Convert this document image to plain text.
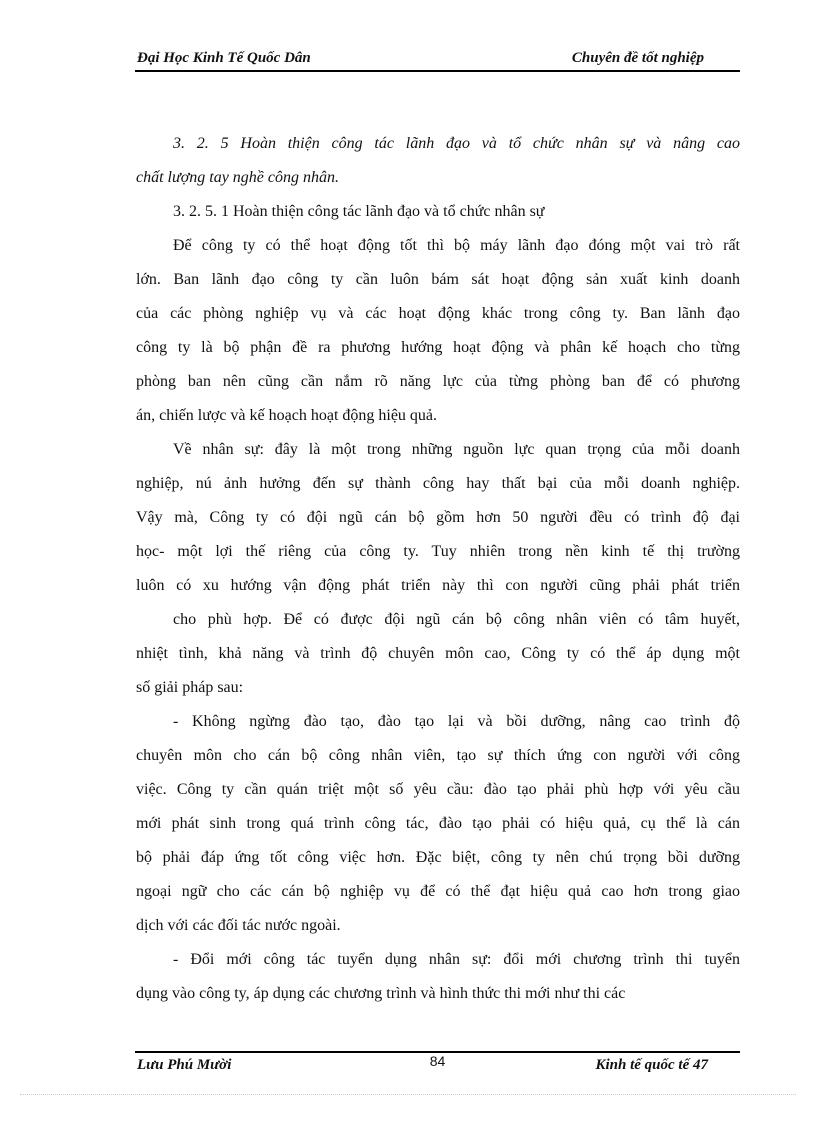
Đại Học Kinh Tế Quốc Dân	Chuyên đề tốt nghiệp
3. 2. 5 Hoàn thiện công tác lãnh đạo và tổ chức nhân sự và nâng cao
chất lượng tay nghề công nhân.
3. 2. 5. 1 Hoàn thiện công tác lãnh đạo và tổ chức nhân sự
Để công ty có thể hoạt động tốt thì bộ máy lãnh đạo đóng một vai trò rất
lớn. Ban lãnh đạo công ty cần luôn bám sát hoạt động sản xuất kinh doanh
của các phòng nghiệp vụ và các hoạt động khác trong công ty. Ban lãnh đạo
công ty là bộ phận đề ra phương hướng hoạt động và phân kế hoạch cho từng
phòng ban nên cũng cần nắm rõ năng lực của từng phòng ban để có phương
án, chiến lược và kế hoạch hoạt động hiệu quả.
Về nhân sự: đây là một trong những nguồn lực quan trọng của mỗi doanh
nghiệp, nú ảnh hưởng đến sự thành công hay thất bại của mỗi doanh nghiệp.
Vậy mà, Công ty có đội ngũ cán bộ gồm hơn 50 người đều có trình độ đại
học- một lợi thế riêng của công ty. Tuy nhiên trong nền kinh tế thị trường
luôn có xu hướng vận động phát triển này thì con người cũng phải phát triển
cho phù hợp. Để có được đội ngũ cán bộ công nhân viên có tâm huyết,
nhiệt tình, khả năng và trình độ chuyên môn cao, Công ty có thể áp dụng một
số giải pháp sau:
- Không ngừng đào tạo, đào tạo lại và bồi dưỡng, nâng cao trình độ
chuyên môn cho cán bộ công nhân viên, tạo sự thích ứng con người với công
việc. Công ty cần quán triệt một số yêu cầu: đào tạo phải phù hợp với yêu cầu
mới phát sinh trong quá trình công tác, đào tạo phải có hiệu quả, cụ thể là cán
bộ phải đáp ứng tốt công việc hơn. Đặc biệt, công ty nên chú trọng bồi dưỡng
ngoại ngữ cho các cán bộ nghiệp vụ để có thể đạt hiệu quả cao hơn trong giao
dịch với các đối tác nước ngoài.
- Đổi mới công tác tuyển dụng nhân sự: đổi mới chương trình thi tuyển
dụng vào công ty, áp dụng các chương trình và hình thức thi mới như thi các
Lưu Phú Mười	84	Kinh tế quốc tế 47
